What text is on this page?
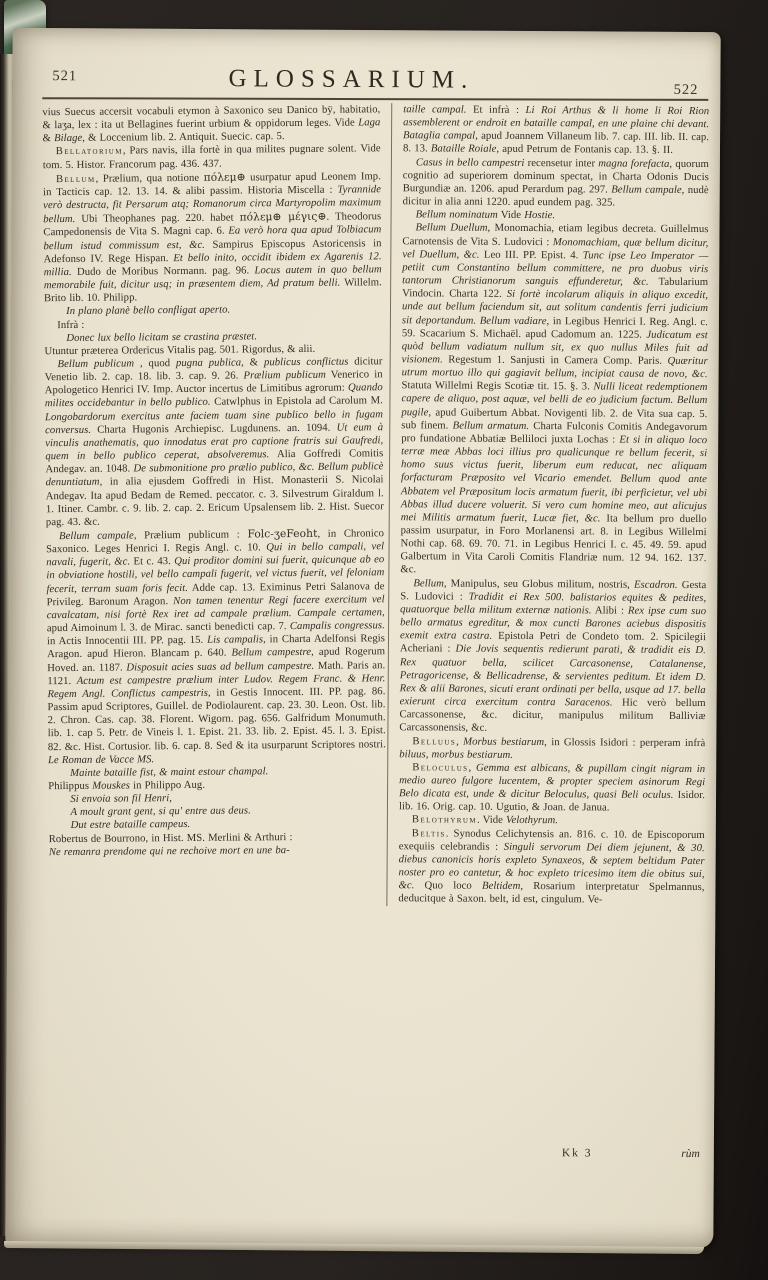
521	GLOSSARIUM.	522

vius Suecus accersit vocabuli etymon à Saxonico seu Danico bÿ, habitatio, & laʒa, lex : ita ut Bellagines fuerint urbium & oppidorum leges. Vide Laga & Bilage, & Loccenium lib. 2. Antiquit. Suecic. cap. 5.

Bellatorium, Pars navis, illa fortè in qua milites pugnare solent. Vide tom. 5. Histor. Francorum pag. 436. 437.

Bellum, Prælium, qua notione πόλεμ⊕ usurpatur apud Leonem Imp. in Tacticis cap. 12. 13. 14. & alibi passim. Historia Miscella : Tyrannide verò destructa, fit Persarum atq; Romanorum circa Martyropolim maximum bellum. Ubi Theophanes pag. 220. habet πόλεμ⊕ μέγις⊕. Theodorus Campedonensis de Vita S. Magni cap. 6. Ea verò hora qua apud Tolbiacum bellum istud commissum est, &c. Sampirus Episcopus Astoricensis in Adefonso IV. Rege Hispan. Et bello inito, occidit ibidem ex Agarenis 12. millia. Dudo de Moribus Normann. pag. 96. Locus autem in quo bellum memorabile fuit, dicitur usq; in præsentem diem, Ad pratum belli. Willelm. Brito lib. 10. Philipp.

In plano planè bello confligat aperto.

Infrà :

Donec lux bello licitam se crastina præstet.

Utuntur præterea Ordericus Vitalis pag. 501. Rigordus, & alii.

Bellum publicum , quod pugna publica, & publicus conflictus dicitur Venetio lib. 2. cap. 18. lib. 3. cap. 9. 26. Prælium publicum Venerico in Apologetico Henrici IV. Imp. Auctor incertus de Limitibus agrorum: Quando milites occidebantur in bello publico. Catwlphus in Epistola ad Carolum M. Longobardorum exercitus ante faciem tuam sine publico bello in fugam conversus. Charta Hugonis Archiepisc. Lugdunens. an. 1094. Ut eum à vinculis anathematis, quo innodatus erat pro captione fratris sui Gaufredi, quem in bello publico ceperat, absolveremus. Alia Goffredi Comitis Andegav. an. 1048. De submonitione pro prælio publico, &c. Bellum publicè denuntiatum, in alia ejusdem Goffredi in Hist. Monasterii S. Nicolai Andegav. Ita apud Bedam de Remed. peccator. c. 3. Silvestrum Giraldum l. 1. Itiner. Cambr. c. 9. lib. 2. cap. 2. Ericum Upsalensem lib. 2. Hist. Suecor pag. 43. &c.

Bellum campale, Prælium publicum : Folc-ʒeFeoht, in Chronico Saxonico. Leges Henrici I. Regis Angl. c. 10. Qui in bello campali, vel navali, fugerit, &c. Et c. 43. Qui proditor domini sui fuerit, quicunque ab eo in obviatione hostili, vel bello campali fugerit, vel victus fuerit, vel feloniam fecerit, terram suam foris fecit. Adde cap. 13. Eximinus Petri Salanova de Privileg. Baronum Aragon. Non tamen tenentur Regi facere exercitum vel cavalcatam, nisi fortè Rex iret ad campale prælium. Campale certamen, apud Aimoinum l. 3. de Mirac. sancti benedicti cap. 7. Campalis congressus. in Actis Innocentii III. PP. pag. 15. Lis campalis, in Charta Adelfonsi Regis Aragon. apud Hieron. Blancam p. 640. Bellum campestre, apud Rogerum Hoved. an. 1187. Disposuit acies suas ad bellum campestre. Math. Paris an. 1121. Actum est campestre prælium inter Ludov. Regem Franc. & Henr. Regem Angl. Conflictus campestris, in Gestis Innocent. III. PP. pag. 86. Passim apud Scriptores, Guillel. de Podiolaurent. cap. 23. 30. Leon. Ost. lib. 2. Chron. Cas. cap. 38. Florent. Wigorn. pag. 656. Galfridum Monumuth. lib. 1. cap 5. Petr. de Vineis l. 1. Epist. 21. 33. lib. 2. Epist. 45. l. 3. Epist. 82. &c. Hist. Cortusior. lib. 6. cap. 8. Sed & ita usurparunt Scriptores nostri. Le Roman de Vacce MS.

Mainte bataille fist, & maint estour champal.

Philippus Mouskes in Philippo Aug.

Si envoia son fil Henri,

A moult grant gent, si qu' entre aus deus.

Dut estre bataille campeus.

Robertus de Bourrono, in Hist. MS. Merlini & Arthuri :

Ne remanra prendome qui ne rechoive mort en une ba-

taille campal. Et infrà : Li Roi Arthus & li home li Roi Rion assemblerent or endroit en bataille campal, en une plaine chi devant. Bataglia campal, apud Joannem Villaneum lib. 7. cap. III. lib. II. cap. 8. 13. Bataille Roiale, apud Petrum de Fontanis cap. 13. §. II.

Casus in bello campestri recensetur inter magna forefacta, quorum cognitio ad superiorem dominum spectat, in Charta Odonis Ducis Burgundiæ an. 1206. apud Perardum pag. 297. Bellum campale, nudè dicitur in alia anni 1220. apud eundem pag. 325.

Bellum nominatum Vide Hostie.

Bellum Duellum, Monomachia, etiam legibus decreta. Guillelmus Carnotensis de Vita S. Ludovici : Monomachiam, quæ bellum dicitur, vel Duellum, &c. Leo III. PP. Epist. 4. Tunc ipse Leo Imperator — petiit cum Constantino bellum committere, ne pro duobus viris tantorum Christianorum sanguis effunderetur, &c. Tabularium Vindocin. Charta 122. Si fortè incolarum aliquis in aliquo excedit, unde aut bellum faciendum sit, aut solitum candentis ferri judicium sit deportandum. Bellum vadiare, in Legibus Henrici I. Reg. Angl. c. 59. Scacarium S. Michaël. apud Cadomum an. 1225. Judicatum est quòd bellum vadiatum nullum sit, ex quo nullus Miles fuit ad visionem. Regestum 1. Sanjusti in Camera Comp. Paris. Quæritur utrum mortuo illo qui gagiavit bellum, incipiat causa de novo, &c. Statuta Willelmi Regis Scotiæ tit. 15. §. 3. Nulli liceat redemptionem capere de aliquo, post aquæ, vel belli de eo judicium factum. Bellum pugile, apud Guibertum Abbat. Novigenti lib. 2. de Vita sua cap. 5. sub finem. Bellum armatum. Charta Fulconis Comitis Andegavorum pro fundatione Abbatiæ Belliloci juxta Lochas : Et si in aliquo loco terræ meæ Abbas loci illius pro qualicunque re bellum fecerit, si homo suus victus fuerit, liberum eum reducat, nec aliquam forfacturam Præposito vel Vicario emendet. Bellum quod ante Abbatem vel Præpositum locis armatum fuerit, ibi perficietur, vel ubi Abbas illud ducere voluerit. Si vero cum homine meo, aut alicujus mei Militis armatum fuerit, Lucæ fiet, &c. Ita bellum pro duello passim usurpatur, in Foro Morlanensi art. 8. in Legibus Willelmi Nothi cap. 68. 69. 70. 71. in Legibus Henrici I. c. 45. 49. 59. apud Galbertum in Vita Caroli Comitis Flandriæ num. 12 94. 162. 137. &c.

Bellum, Manipulus, seu Globus militum, nostris, Escadron. Gesta S. Ludovici : Tradidit ei Rex 500. balistarios equites & pedites, quatuorque bella militum externæ nationis. Alibi : Rex ipse cum suo bello armatus egreditur, & mox cuncti Barones aciebus dispositis exemit extra castra. Epistola Petri de Condeto tom. 2. Spicilegii Acheriani : Die Jovis sequentis redierunt parati, & tradidit eis D. Rex quatuor bella, scilicet Carcasonense, Catalanense, Petragoricense, & Bellicadrense, & servientes peditum. Et idem D. Rex & alii Barones, sicuti erant ordinati per bella, usque ad 17. bella exierunt circa exercitum contra Saracenos. Hic verò bellum Carcassonense, &c. dicitur, manipulus militum Balliviæ Carcassonensis, &c.

Belluus, Morbus bestiarum, in Glossis Isidori : perperam infrà biluus, morbus bestiarum.

Beloculus, Gemma est albicans, & pupillam cingit nigram in medio aureo fulgore lucentem, & propter speciem asinorum Regi Belo dicata est, unde & dicitur Beloculus, quasi Beli oculus. Isidor. lib. 16. Orig. cap. 10. Ugutio, & Joan. de Janua.

Belothyrum. Vide Velothyrum.

Beltis. Synodus Celichytensis an. 816. c. 10. de Episcoporum exequiis celebrandis : Singuli servorum Dei diem jejunent, & 30. diebus canonicis horis expleto Synaxeos, & septem beltidum Pater noster pro eo cantetur, & hoc expleto tricesimo item die obitus sui, &c. Quo loco Beltidem, Rosarium interpretatur Spelmannus, deducitque à Saxon. belt, id est, cingulum. Ve-

Kk 3	rùm
